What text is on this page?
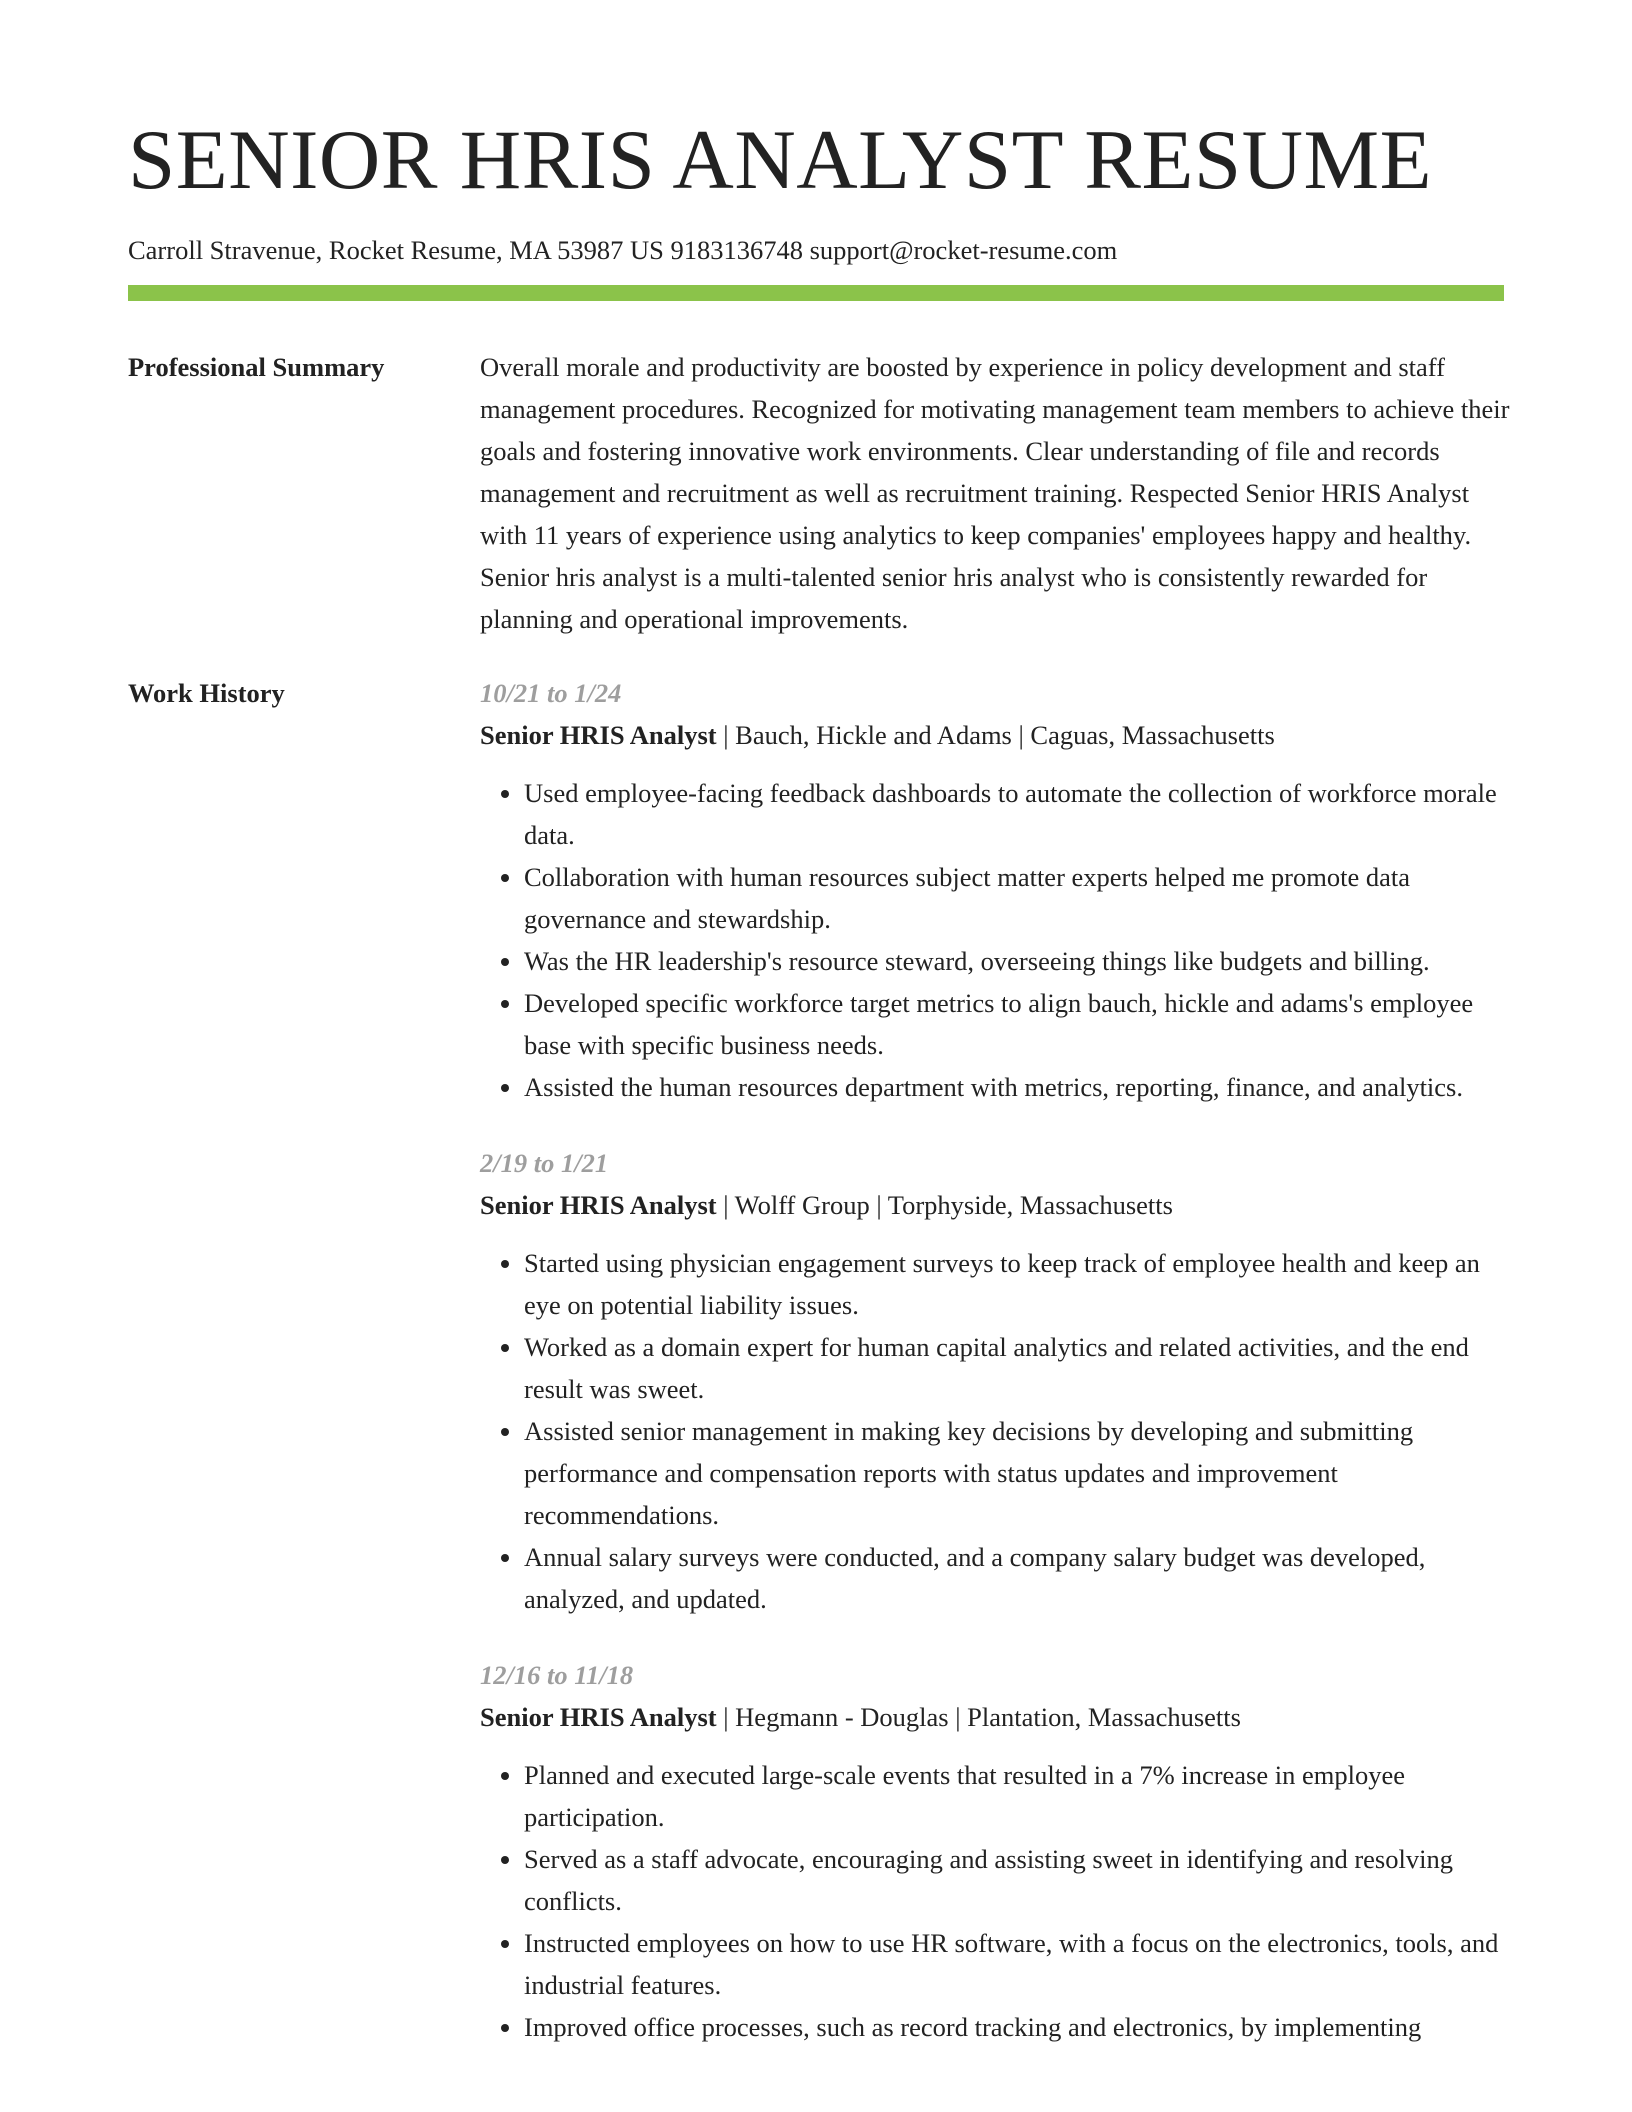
SENIOR HRIS ANALYST RESUME
Carroll Stravenue, Rocket Resume, MA 53987 US 9183136748 support@rocket-resume.com
Professional Summary	Overall morale and productivity are boosted by experience in policy development and staff management procedures. Recognized for motivating management team members to achieve their goals and fostering innovative work environments. Clear understanding of file and records management and recruitment as well as recruitment training. Respected Senior HRIS Analyst with 11 years of experience using analytics to keep companies' employees happy and healthy. Senior hris analyst is a multi-talented senior hris analyst who is consistently rewarded for planning and operational improvements.

Work History	10/21 to 1/24
Senior HRIS Analyst | Bauch, Hickle and Adams | Caguas, Massachusetts
• Used employee-facing feedback dashboards to automate the collection of workforce morale data.
• Collaboration with human resources subject matter experts helped me promote data governance and stewardship.
• Was the HR leadership's resource steward, overseeing things like budgets and billing.
• Developed specific workforce target metrics to align bauch, hickle and adams's employee base with specific business needs.
• Assisted the human resources department with metrics, reporting, finance, and analytics.
2/19 to 1/21
Senior HRIS Analyst | Wolff Group | Torphyside, Massachusetts
• Started using physician engagement surveys to keep track of employee health and keep an eye on potential liability issues.
• Worked as a domain expert for human capital analytics and related activities, and the end result was sweet.
• Assisted senior management in making key decisions by developing and submitting performance and compensation reports with status updates and improvement recommendations.
• Annual salary surveys were conducted, and a company salary budget was developed, analyzed, and updated.
12/16 to 11/18
Senior HRIS Analyst | Hegmann - Douglas | Plantation, Massachusetts
• Planned and executed large-scale events that resulted in a 7% increase in employee participation.
• Served as a staff advocate, encouraging and assisting sweet in identifying and resolving conflicts.
• Instructed employees on how to use HR software, with a focus on the electronics, tools, and industrial features.
• Improved office processes, such as record tracking and electronics, by implementing
